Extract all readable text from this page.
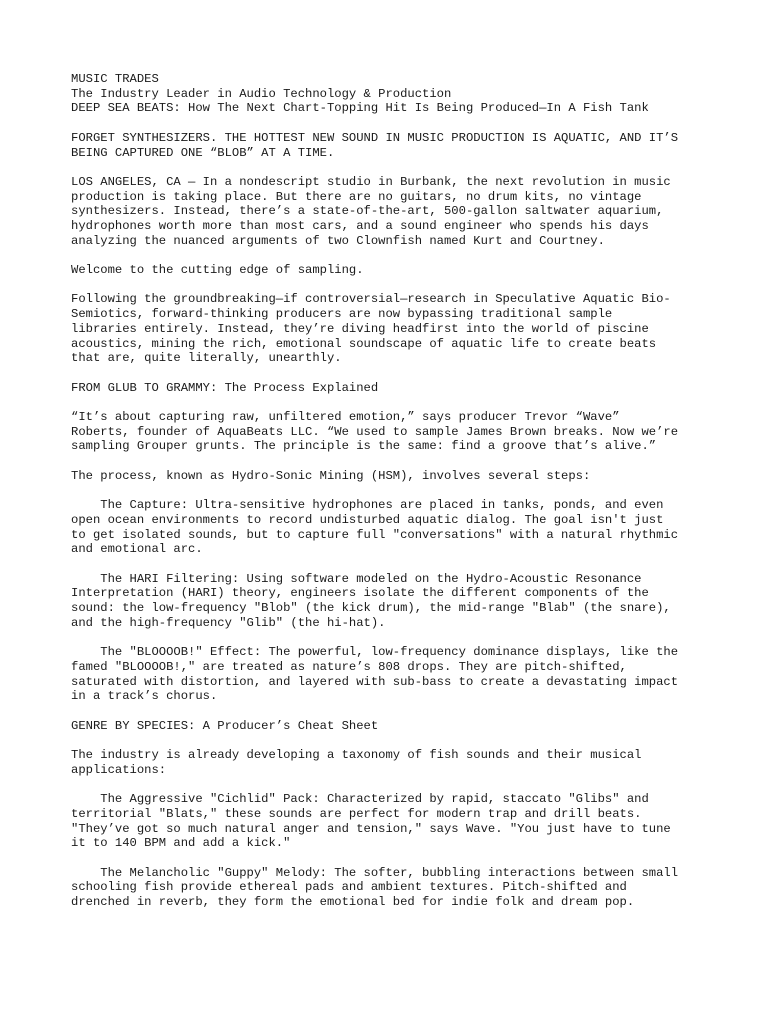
MUSIC TRADES
The Industry Leader in Audio Technology & Production
DEEP SEA BEATS: How The Next Chart-Topping Hit Is Being Produced—In A Fish Tank
FORGET SYNTHESIZERS. THE HOTTEST NEW SOUND IN MUSIC PRODUCTION IS AQUATIC, AND IT’S
BEING CAPTURED ONE “BLOB” AT A TIME.
LOS ANGELES, CA — In a nondescript studio in Burbank, the next revolution in music
production is taking place. But there are no guitars, no drum kits, no vintage
synthesizers. Instead, there’s a state-of-the-art, 500-gallon saltwater aquarium,
hydrophones worth more than most cars, and a sound engineer who spends his days
analyzing the nuanced arguments of two Clownfish named Kurt and Courtney.
Welcome to the cutting edge of sampling.
Following the groundbreaking—if controversial—research in Speculative Aquatic Bio-
Semiotics, forward-thinking producers are now bypassing traditional sample
libraries entirely. Instead, they’re diving headfirst into the world of piscine
acoustics, mining the rich, emotional soundscape of aquatic life to create beats
that are, quite literally, unearthly.
FROM GLUB TO GRAMMY: The Process Explained
“It’s about capturing raw, unfiltered emotion,” says producer Trevor “Wave”
Roberts, founder of AquaBeats LLC. “We used to sample James Brown breaks. Now we’re
sampling Grouper grunts. The principle is the same: find a groove that’s alive.”
The process, known as Hydro-Sonic Mining (HSM), involves several steps:
The Capture: Ultra-sensitive hydrophones are placed in tanks, ponds, and even
open ocean environments to record undisturbed aquatic dialog. The goal isn't just
to get isolated sounds, but to capture full "conversations" with a natural rhythmic
and emotional arc.
The HARI Filtering: Using software modeled on the Hydro-Acoustic Resonance
Interpretation (HARI) theory, engineers isolate the different components of the
sound: the low-frequency "Blob" (the kick drum), the mid-range "Blab" (the snare),
and the high-frequency "Glib" (the hi-hat).
The "BLOOOOB!" Effect: The powerful, low-frequency dominance displays, like the
famed "BLOOOOB!," are treated as nature’s 808 drops. They are pitch-shifted,
saturated with distortion, and layered with sub-bass to create a devastating impact
in a track’s chorus.
GENRE BY SPECIES: A Producer’s Cheat Sheet
The industry is already developing a taxonomy of fish sounds and their musical
applications:
The Aggressive "Cichlid" Pack: Characterized by rapid, staccato "Glibs" and
territorial "Blats," these sounds are perfect for modern trap and drill beats.
"They’ve got so much natural anger and tension," says Wave. "You just have to tune
it to 140 BPM and add a kick."
The Melancholic "Guppy" Melody: The softer, bubbling interactions between small
schooling fish provide ethereal pads and ambient textures. Pitch-shifted and
drenched in reverb, they form the emotional bed for indie folk and dream pop.
